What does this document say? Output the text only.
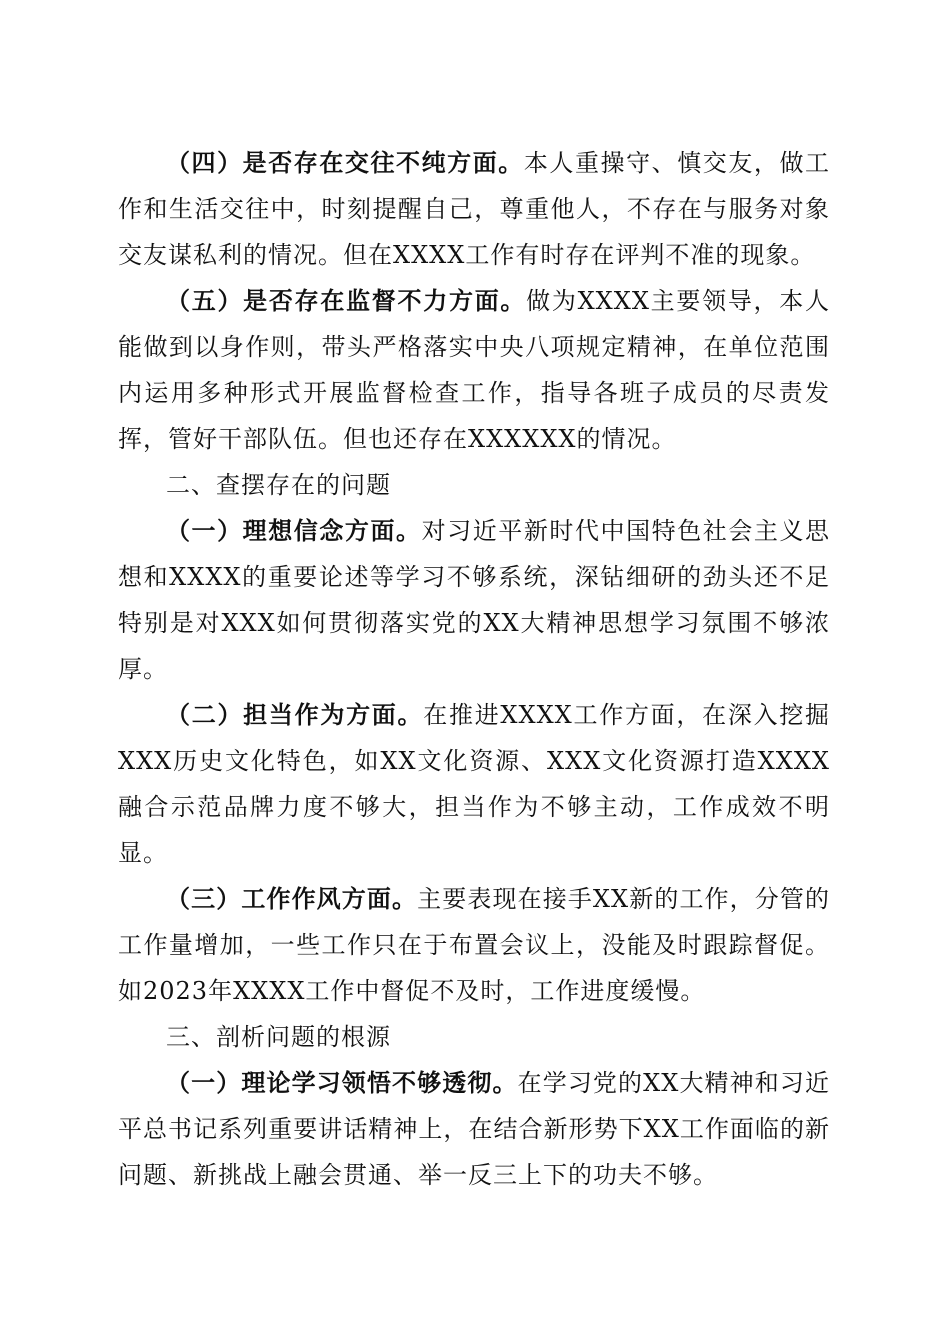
（四）是否存在交往不纯方面。本人重操守、慎交友，做工作和生活交往中，时刻提醒自己，尊重他人，不存在与服务对象交友谋私利的情况。但在XXXX工作有时存在评判不准的现象。

（五）是否存在监督不力方面。做为XXXX主要领导，本人能做到以身作则，带头严格落实中央八项规定精神，在单位范围内运用多种形式开展监督检查工作，指导各班子成员的尽责发挥，管好干部队伍。但也还存在XXXXXX的情况。

二、查摆存在的问题

（一）理想信念方面。对习近平新时代中国特色社会主义思想和XXXX的重要论述等学习不够系统，深钻细研的劲头还不足特别是对XXX如何贯彻落实党的XX大精神思想学习氛围不够浓厚。

（二）担当作为方面。在推进XXXX工作方面，在深入挖掘XXX历史文化特色，如XX文化资源、XXX文化资源打造XXXX融合示范品牌力度不够大，担当作为不够主动，工作成效不明显。

（三）工作作风方面。主要表现在接手XX新的工作，分管的工作量增加，一些工作只在于布置会议上，没能及时跟踪督促。如2023年XXXX工作中督促不及时，工作进度缓慢。

三、剖析问题的根源

（一）理论学习领悟不够透彻。在学习党的XX大精神和习近平总书记系列重要讲话精神上，在结合新形势下XX工作面临的新问题、新挑战上融会贯通、举一反三上下的功夫不够。
